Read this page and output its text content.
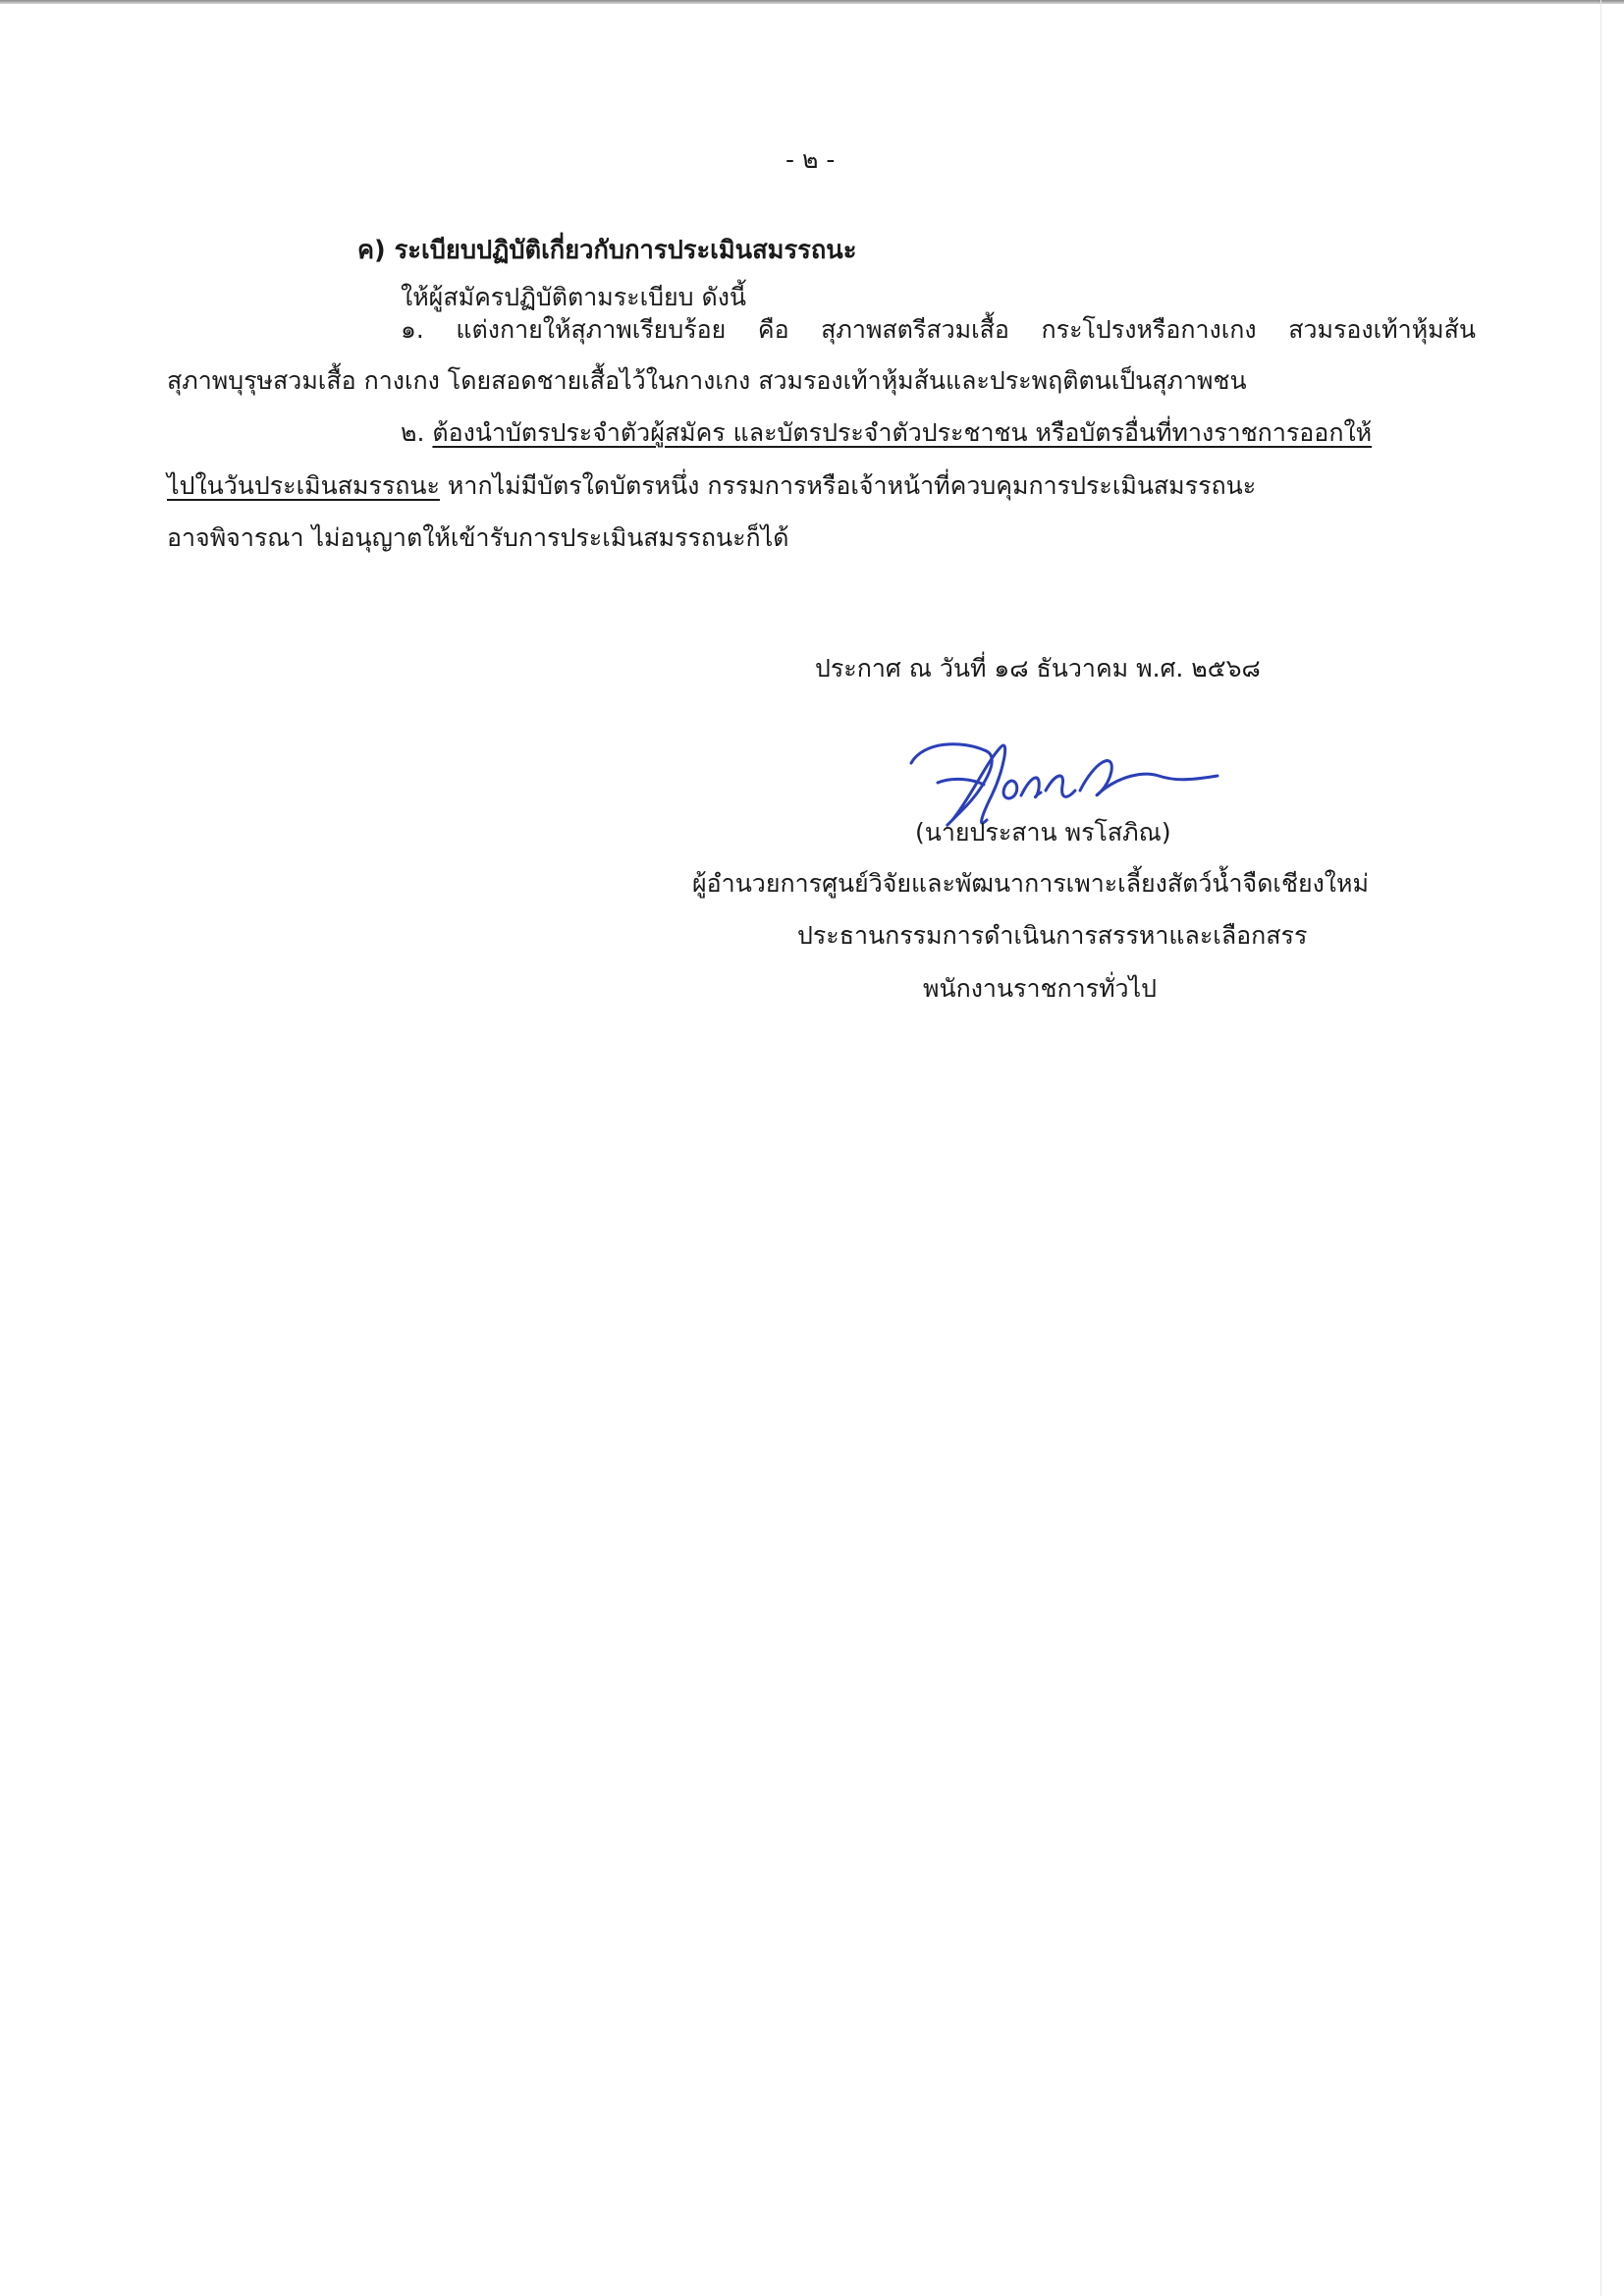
- ๒ -
ค) ระเบียบปฏิบัติเกี่ยวกับการประเมินสมรรถนะ
ให้ผู้สมัครปฏิบัติตามระเบียบ ดังนี้
๑. แต่งกายให้สุภาพเรียบร้อย คือ สุภาพสตรีสวมเสื้อ กระโปรงหรือกางเกง สวมรองเท้าหุ้มส้น
สุภาพบุรุษสวมเสื้อ กางเกง โดยสอดชายเสื้อไว้ในกางเกง สวมรองเท้าหุ้มส้นและประพฤติตนเป็นสุภาพชน
๒. ต้องนำบัตรประจำตัวผู้สมัคร และบัตรประจำตัวประชาชน หรือบัตรอื่นที่ทางราชการออกให้
ไปในวันประเมินสมรรถนะ หากไม่มีบัตรใดบัตรหนึ่ง กรรมการหรือเจ้าหน้าที่ควบคุมการประเมินสมรรถนะ
อาจพิจารณา ไม่อนุญาตให้เข้ารับการประเมินสมรรถนะก็ได้
ประกาศ ณ วันที่ ๑๘ ธันวาคม พ.ศ. ๒๕๖๘
(นายประสาน พรโสภิณ)
ผู้อำนวยการศูนย์วิจัยและพัฒนาการเพาะเลี้ยงสัตว์น้ำจืดเชียงใหม่
ประธานกรรมการดำเนินการสรรหาและเลือกสรร
พนักงานราชการทั่วไป
